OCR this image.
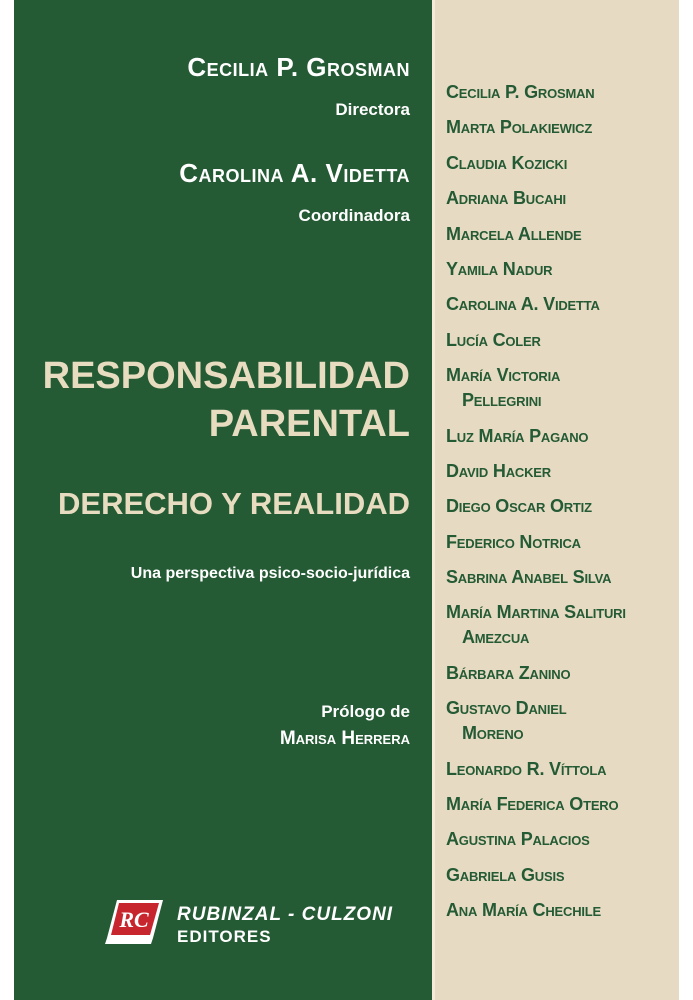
Cecilia P. Grosman

Directora

Carolina A. Videtta

Coordinadora

RESPONSABILIDAD
PARENTAL
DERECHO Y REALIDAD

Una perspectiva psico-socio-jurídica

Prólogo de

Marisa Herrera

RC RUBINZAL - CULZONI

EDITORES

Cecilia P. Grosman
Marta Polakiewicz
Claudia Kozicki
Adriana Bucahi
Marcela Allende
Yamila Nadur
Carolina A. Videtta
Lucía Coler
María Victoria
Pellegrini
Luz María Pagano
David Hacker
Diego Oscar Ortiz
Federico Notrica
Sabrina Anabel Silva
María Martina Salituri
Amezcua
Bárbara Zanino
Gustavo Daniel
Moreno
Leonardo R. Víttola
María Federica Otero
Agustina Palacios
Gabriela Gusis
Ana María Chechile
